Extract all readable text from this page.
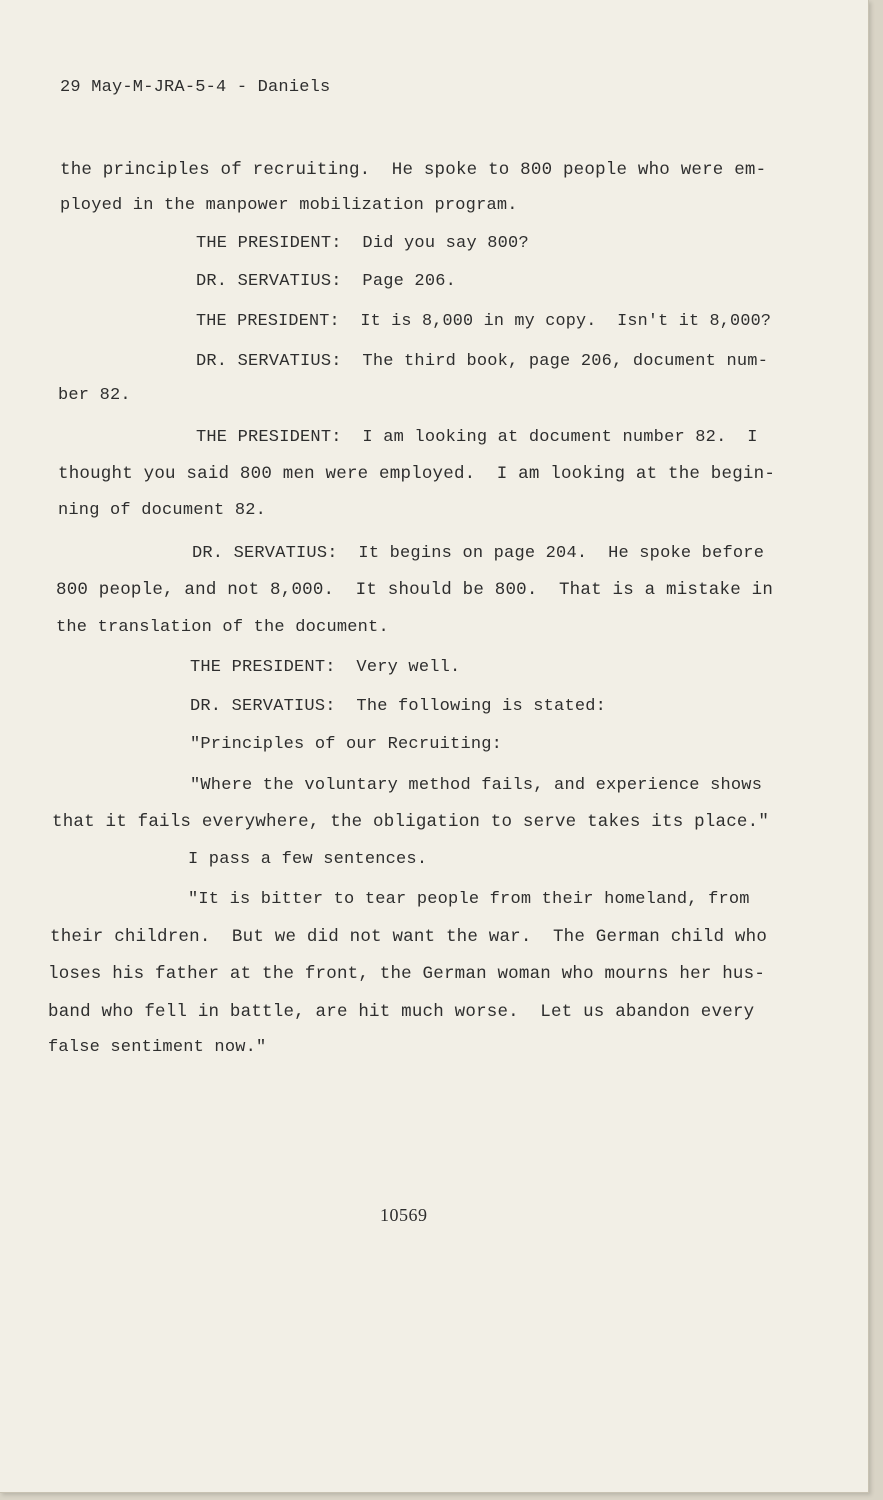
29 May-M-JRA-5-4 - Daniels
the principles of recruiting.  He spoke to 800 people who were em-
ployed in the manpower mobilization program.
THE PRESIDENT:  Did you say 800?
DR. SERVATIUS:  Page 206.
THE PRESIDENT:  It is 8,000 in my copy.  Isn't it 8,000?
DR. SERVATIUS:  The third book, page 206, document num-
ber 82.
THE PRESIDENT:  I am looking at document number 82.  I
thought you said 800 men were employed.  I am looking at the begin-
ning of document 82.
DR. SERVATIUS:  It begins on page 204.  He spoke before
800 people, and not 8,000.  It should be 800.  That is a mistake in
the translation of the document.
THE PRESIDENT:  Very well.
DR. SERVATIUS:  The following is stated:
"Principles of our Recruiting:
"Where the voluntary method fails, and experience shows
that it fails everywhere, the obligation to serve takes its place."
I pass a few sentences.
"It is bitter to tear people from their homeland, from
their children.  But we did not want the war.  The German child who
loses his father at the front, the German woman who mourns her hus-
band who fell in battle, are hit much worse.  Let us abandon every
false sentiment now."
10569
